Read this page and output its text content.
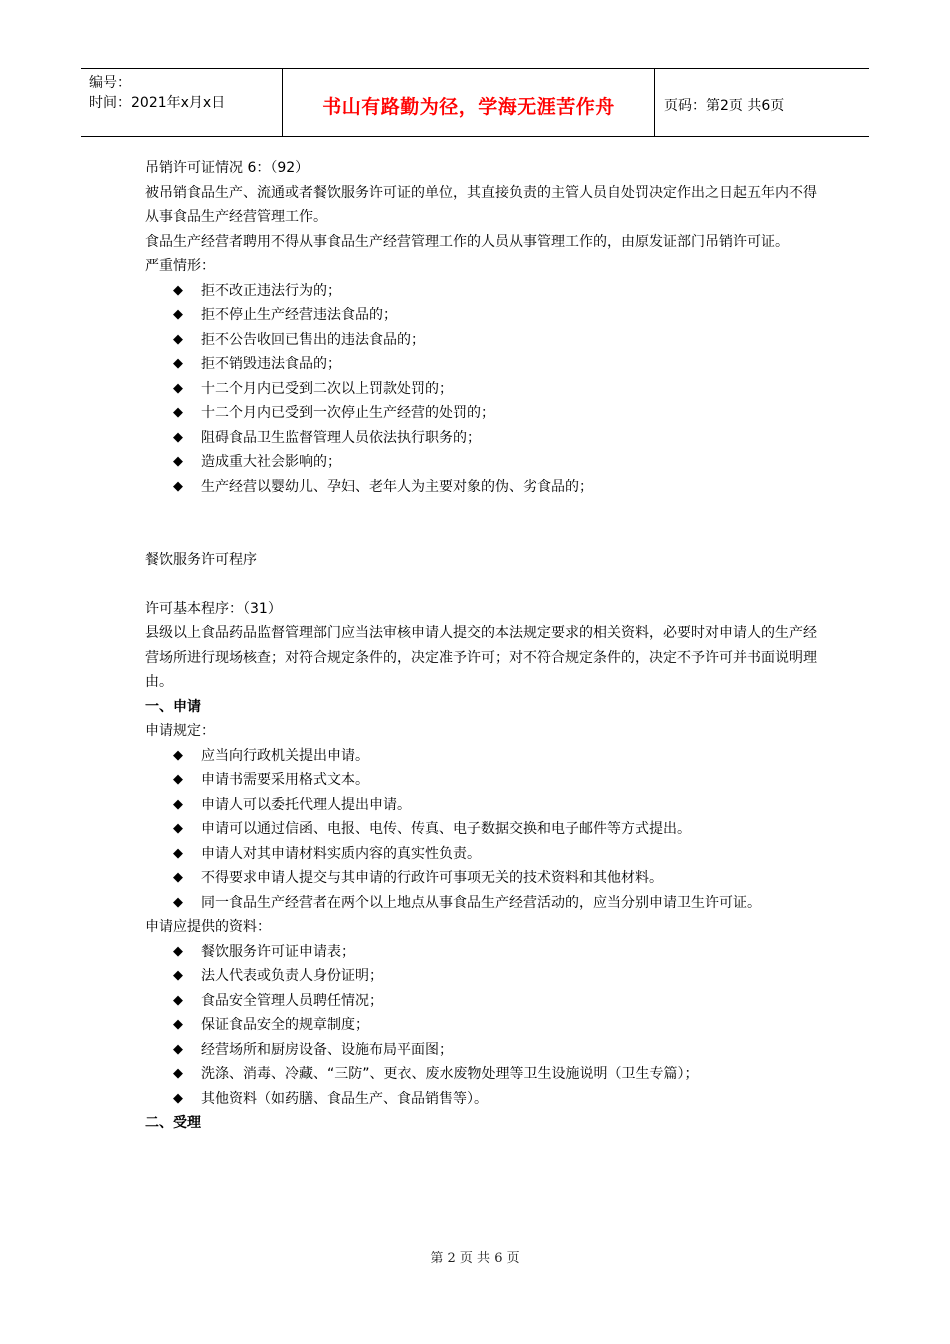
编号：
时间：2021年x月x日	书山有路勤为径，学海无涯苦作舟	页码：第2页 共6页

吊销许可证情况 6：（92）

被吊销食品生产、流通或者餐饮服务许可证的单位，其直接负责的主管人员自处罚决定作出之日起五年内不得从事食品生产经营管理工作。

食品生产经营者聘用不得从事食品生产经营管理工作的人员从事管理工作的，由原发证部门吊销许可证。

严重情形：

◆ 拒不改正违法行为的；
◆ 拒不停止生产经营违法食品的；
◆ 拒不公告收回已售出的违法食品的；
◆ 拒不销毁违法食品的；
◆ 十二个月内已受到二次以上罚款处罚的；
◆ 十二个月内已受到一次停止生产经营的处罚的；
◆ 阻碍食品卫生监督管理人员依法执行职务的；
◆ 造成重大社会影响的；
◆ 生产经营以婴幼儿、孕妇、老年人为主要对象的伪、劣食品的；

餐饮服务许可程序

许可基本程序：（31）

县级以上食品药品监督管理部门应当法审核申请人提交的本法规定要求的相关资料，必要时对申请人的生产经营场所进行现场核查；对符合规定条件的，决定准予许可；对不符合规定条件的，决定不予许可并书面说明理由。

一、申请

申请规定：

◆ 应当向行政机关提出申请。
◆ 申请书需要采用格式文本。
◆ 申请人可以委托代理人提出申请。
◆ 申请可以通过信函、电报、电传、传真、电子数据交换和电子邮件等方式提出。
◆ 申请人对其申请材料实质内容的真实性负责。
◆ 不得要求申请人提交与其申请的行政许可事项无关的技术资料和其他材料。
◆ 同一食品生产经营者在两个以上地点从事食品生产经营活动的，应当分别申请卫生许可证。

申请应提供的资料：

◆ 餐饮服务许可证申请表；
◆ 法人代表或负责人身份证明；
◆ 食品安全管理人员聘任情况；
◆ 保证食品安全的规章制度；
◆ 经营场所和厨房设备、设施布局平面图；
◆ 洗涤、消毒、冷藏、“三防”、更衣、废水废物处理等卫生设施说明（卫生专篇）；
◆ 其他资料（如药膳、食品生产、食品销售等）。

二、受理

第 2 页 共 6 页
